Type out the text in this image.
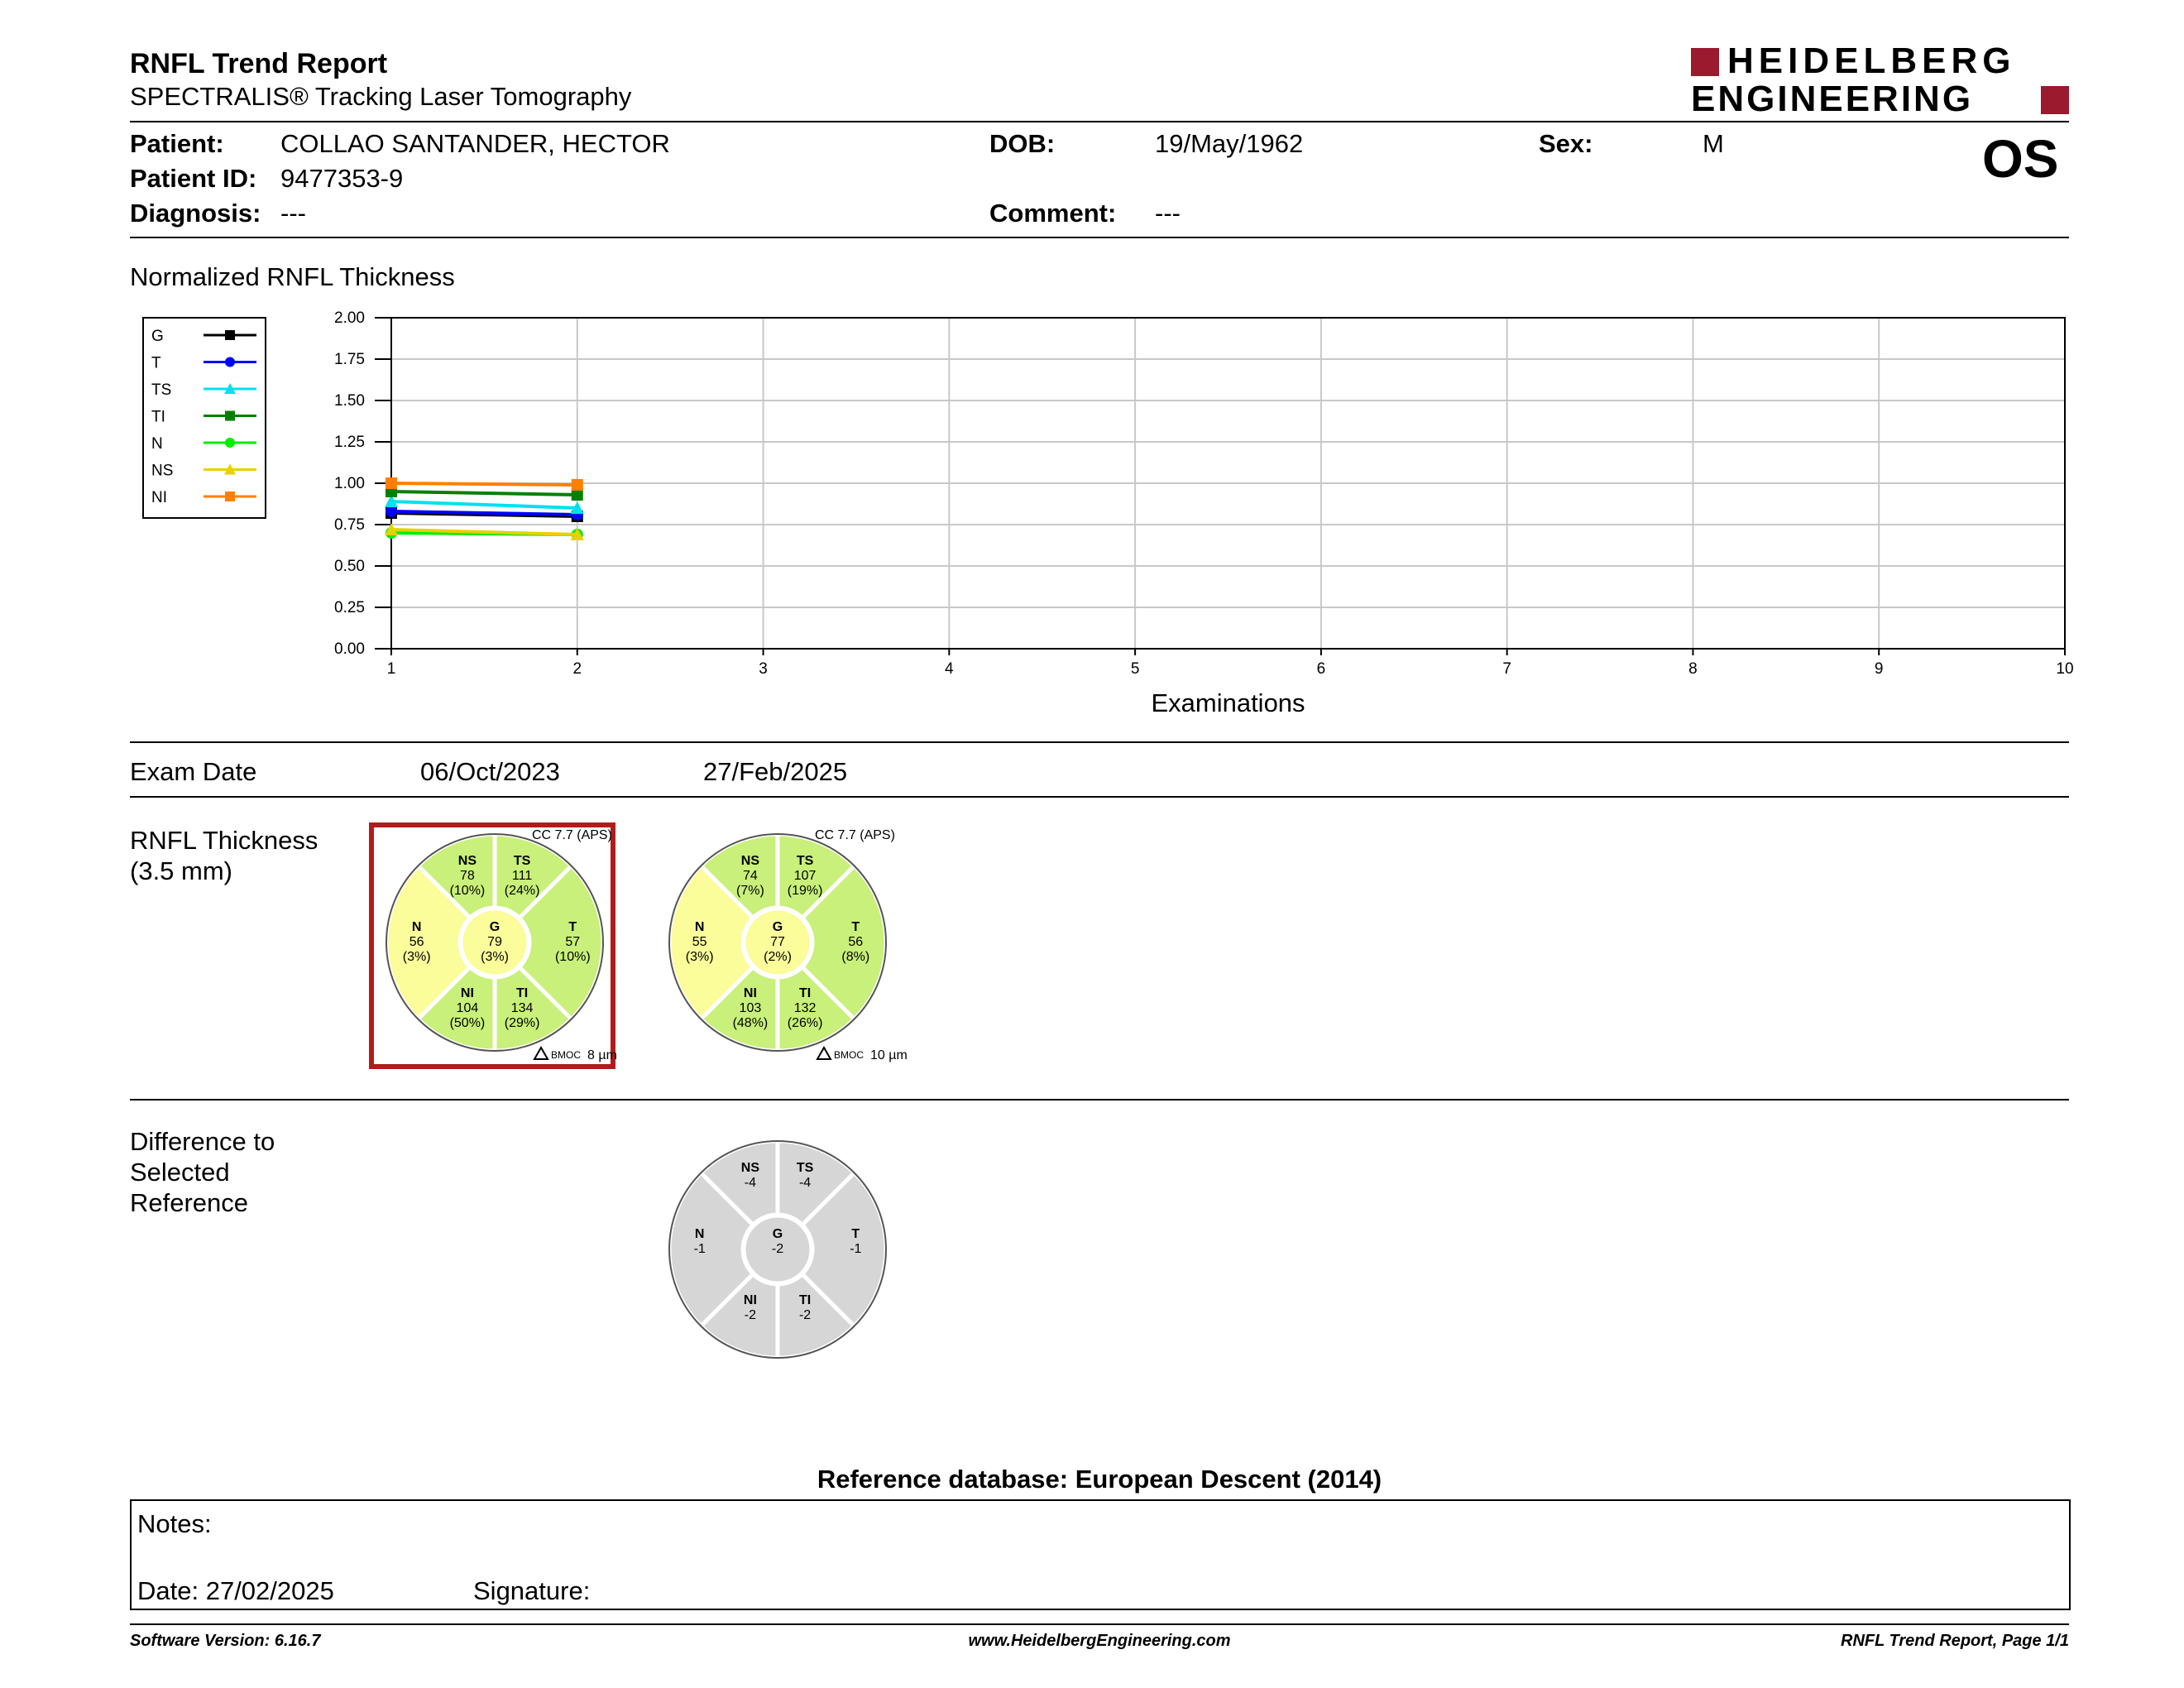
RNFL Trend Report
SPECTRALIS® Tracking Laser Tomography
HEIDELBERG
ENGINEERING
Patient: COLLAO SANTANDER, HECTOR
Patient ID: 9477353-9
Diagnosis: ---
DOB:	19/May/1962
Comment: ---
Sex:	M	OS
Normalized RNFL Thickness
G
T
TS
TI
N
NS
NI
1	2	3	4	5	6	7	8	9	10
0.00
0.25
0.50
0.75
1.00
1.25
1.50
1.75
2.00
Examinations
Exam Date	06/Oct/2023	27/Feb/2025
RNFL Thickness
(3.5 mm)
T
57
(10%)
TS
111
(24%)
NS
78
(10%)
N
56
(3%)
NI
104
(50%)
TI
134
(29%)
G
79
(3%)
CC 7.7 (APS)
BMOC 8 µm
T
56
(8%)
TS
107
(19%)
NS
74
(7%)
N
55
(3%)
NI
103
(48%)
TI
132
(26%)
G
77
(2%)
CC 7.7 (APS)
BMOC 10 µm
Difference to
Selected
Reference
T
-1
TS
-4
NS
-4
N
-1
NI
-2
TI
-2
G
-2
Reference database: European Descent (2014)
Notes:
Date: 27/02/2025	Signature:
Software Version: 6.16.7	www.HeidelbergEngineering.com	RNFL Trend Report, Page 1/1
